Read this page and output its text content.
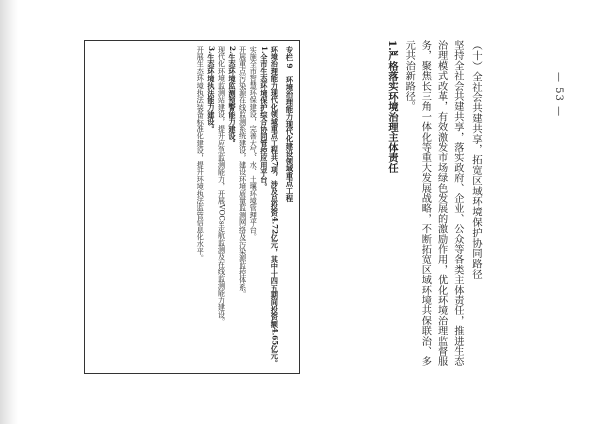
专栏 9　环境治理能力现代化建设领域重点工程

环境治理能力现代化领域重点工程共7项，涉及总投资4.72亿元，其中十四五期间投资额4.65亿元。

1.全市生态环境保护综合协同管控应用平台。

实施全市智慧环保建设，完善大气、水、土壤环境管理平台。

开展重点污染源在线监测系统建设，建设环境质量监测网络及污染源监控体系。

2.生态环境监测预警能力建设。

现代化环境监测站建设，提升应急监测能力，开展VOCs走航监测及在线监测能力建设。

3.生态环境执法能力建设。

开展生态环境执法装备标准化建设，提升环境执法监管信息化水平。	（十）全社会共建共享，拓宽区域环境保护协同路径

坚持全社会共建共享，落实政府、企业、公众等各类主体责任，推进生态治理模式改革，有效激发市场绿色发展的激励作用，优化环境治理监督服务，聚焦长三角一体化等重大发展战略，不断拓宽区域环境共保联治、多元共治新路径。

1.严格落实环境治理主体责任	— 53 —
